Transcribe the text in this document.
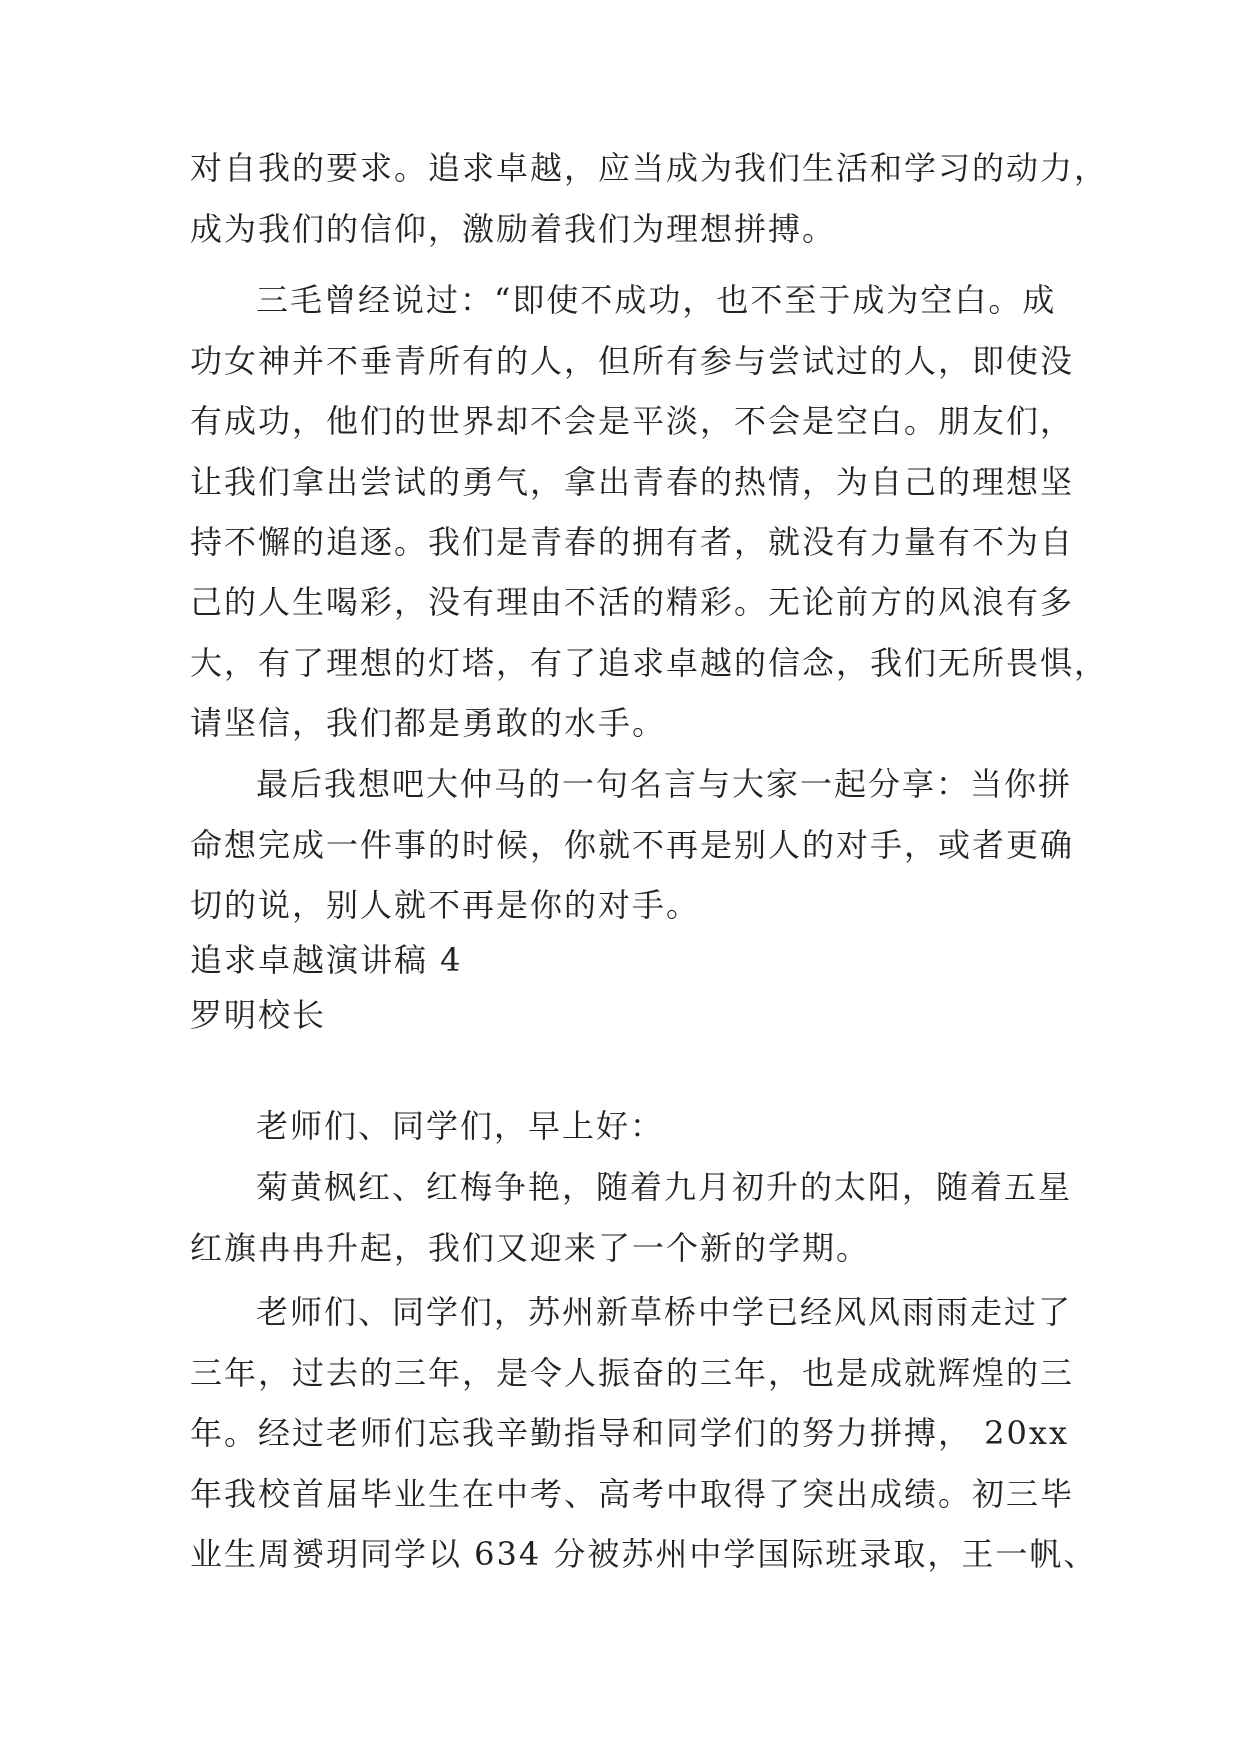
对自我的要求。追求卓越，应当成为我们生活和学习的动力，
成为我们的信仰，激励着我们为理想拼搏。
三毛曾经说过：“即使不成功，也不至于成为空白。成
功女神并不垂青所有的人，但所有参与尝试过的人，即使没
有成功，他们的世界却不会是平淡，不会是空白。朋友们，
让我们拿出尝试的勇气，拿出青春的热情，为自己的理想坚
持不懈的追逐。我们是青春的拥有者，就没有力量有不为自
己的人生喝彩，没有理由不活的精彩。无论前方的风浪有多
大，有了理想的灯塔，有了追求卓越的信念，我们无所畏惧，
请坚信，我们都是勇敢的水手。
最后我想吧大仲马的一句名言与大家一起分享：当你拼
命想完成一件事的时候，你就不再是别人的对手，或者更确
切的说，别人就不再是你的对手。
追求卓越演讲稿 4
罗明校长
老师们、同学们，早上好：
菊黄枫红、红梅争艳，随着九月初升的太阳，随着五星
红旗冉冉升起，我们又迎来了一个新的学期。
老师们、同学们，苏州新草桥中学已经风风雨雨走过了
三年，过去的三年，是令人振奋的三年，也是成就辉煌的三
年。经过老师们忘我辛勤指导和同学们的努力拼搏， 20xx
年我校首届毕业生在中考、高考中取得了突出成绩。初三毕
业生周赟玥同学以 634 分被苏州中学国际班录取，王一帆、
